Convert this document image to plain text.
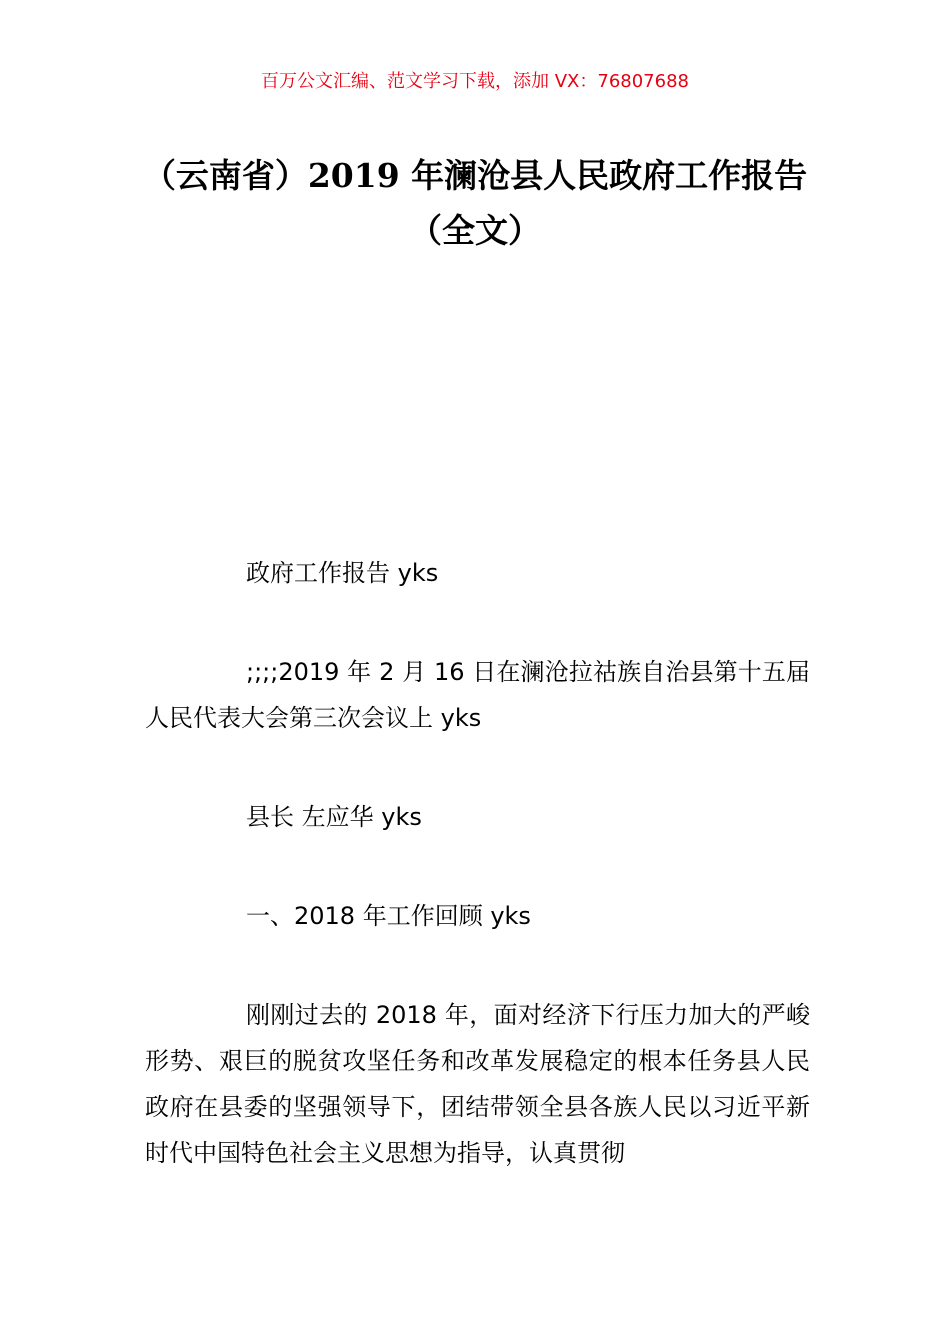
百万公文汇编、范文学习下载，添加 VX：76807688
（云南省）2019 年澜沧县人民政府工作报告（全文）

政府工作报告 yks

;;;;2019 年 2 月 16 日在澜沧拉祜族自治县第十五届人民代表大会第三次会议上 yks

县长 左应华 yks

一、2018 年工作回顾 yks

刚刚过去的 2018 年，面对经济下行压力加大的严峻形势、艰巨的脱贫攻坚任务和改革发展稳定的根本任务县人民政府在县委的坚强领导下，团结带领全县各族人民以习近平新时代中国特色社会主义思想为指导，认真贯彻
